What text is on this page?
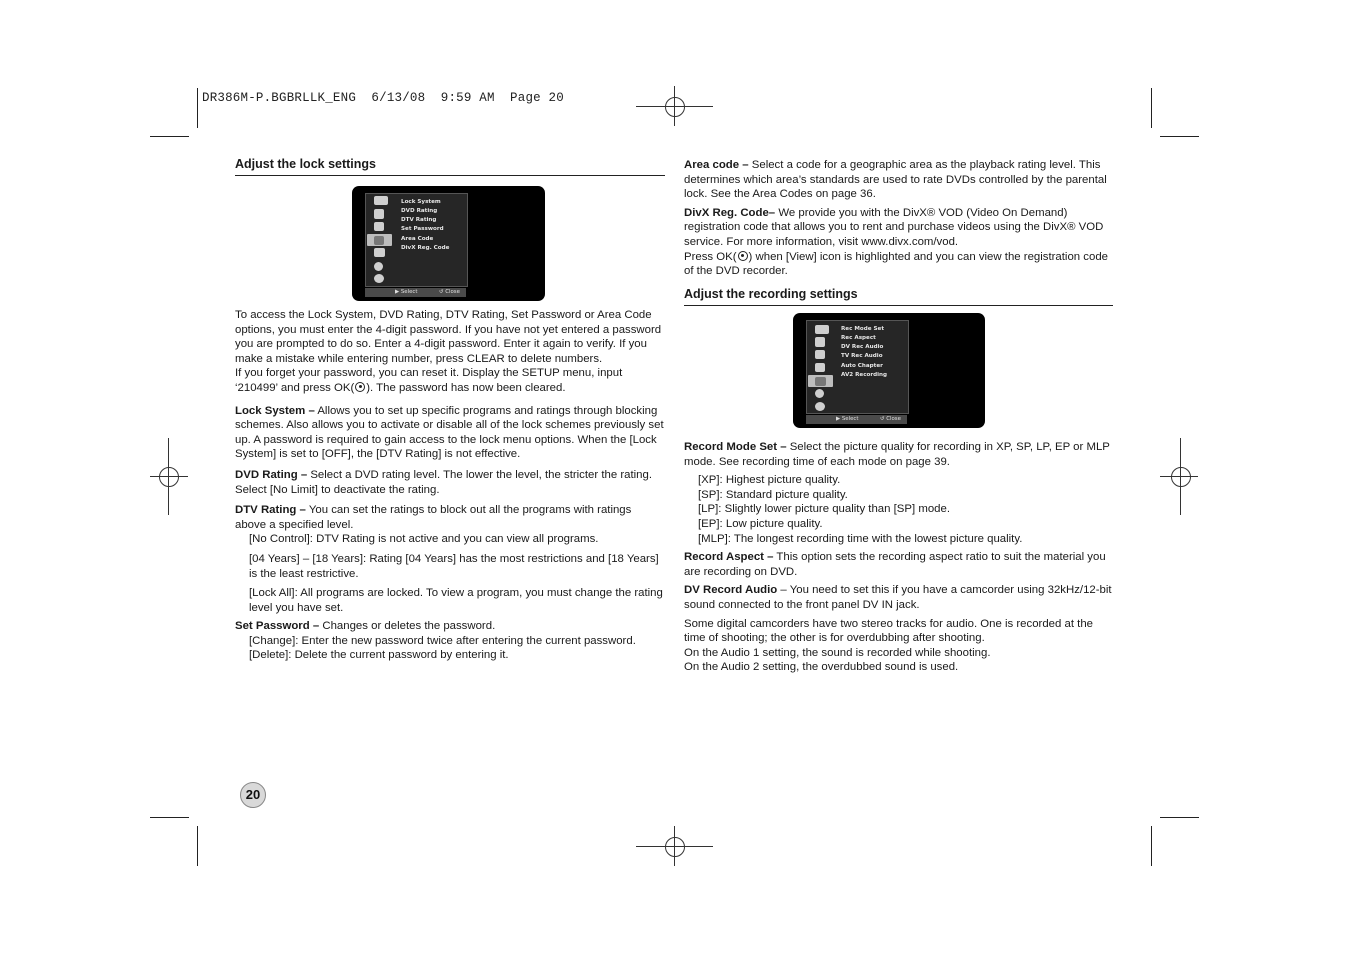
DR386M-P.BGBRLLK_ENG  6/13/08  9:59 AM  Page 20
Adjust the lock settings
Lock System
DVD Rating
DTV Rating
Set Password
Area Code
DivX Reg. Code
▶ Select	↺ Close

To access the Lock System, DVD Rating, DTV Rating, Set Password or Area Code options, you must enter the 4-digit password. If you have not yet entered a password you are prompted to do so. Enter a 4-digit password. Enter it again to verify. If you make a mistake while entering number, press CLEAR to delete numbers.

If you forget your password, you can reset it. Display the SETUP menu, input ‘210499’ and press OK( ). The password has now been cleared.

Lock System – Allows you to set up specific programs and ratings through blocking schemes. Also allows you to activate or disable all of the lock schemes previously set up. A password is required to gain access to the lock menu options. When the [Lock System] is set to [OFF], the [DTV Rating] is not effective.

DVD Rating – Select a DVD rating level. The lower the level, the stricter the rating. Select [No Limit] to deactivate the rating.

DTV Rating – You can set the ratings to block out all the programs with ratings above a specified level.

[No Control]: DTV Rating is not active and you can view all programs.

[04 Years] – [18 Years]: Rating [04 Years] has the most restrictions and [18 Years] is the least restrictive.

[Lock All]: All programs are locked. To view a program, you must change the rating level you have set.

Set Password – Changes or deletes the password.

[Change]: Enter the new password twice after entering the current password.

[Delete]: Delete the current password by entering it.

20

Area code – Select a code for a geographic area as the playback rating level. This determines which area’s standards are used to rate DVDs controlled by the parental lock. See the Area Codes on page 36.

DivX Reg. Code– We provide you with the DivX® VOD (Video On Demand) registration code that allows you to rent and purchase videos using the DivX® VOD service. For more information, visit www.divx.com/vod.

Press OK( ) when [View] icon is highlighted and you can view the registration code of the DVD recorder.

Adjust the recording settings
Rec Mode Set
Rec Aspect
DV Rec Audio
TV Rec Audio
Auto Chapter
AV2 Recording
▶ Select	↺ Close

Record Mode Set – Select the picture quality for recording in XP, SP, LP, EP or MLP mode. See recording time of each mode on page 39.

[XP]: Highest picture quality.

[SP]: Standard picture quality.

[LP]: Slightly lower picture quality than [SP] mode.

[EP]: Low picture quality.

[MLP]: The longest recording time with the lowest picture quality.

Record Aspect – This option sets the recording aspect ratio to suit the material you are recording on DVD.

DV Record Audio – You need to set this if you have a camcorder using 32kHz/12-bit sound connected to the front panel DV IN jack.

Some digital camcorders have two stereo tracks for audio. One is recorded at the time of shooting; the other is for overdubbing after shooting.

On the Audio 1 setting, the sound is recorded while shooting.

On the Audio 2 setting, the overdubbed sound is used.
